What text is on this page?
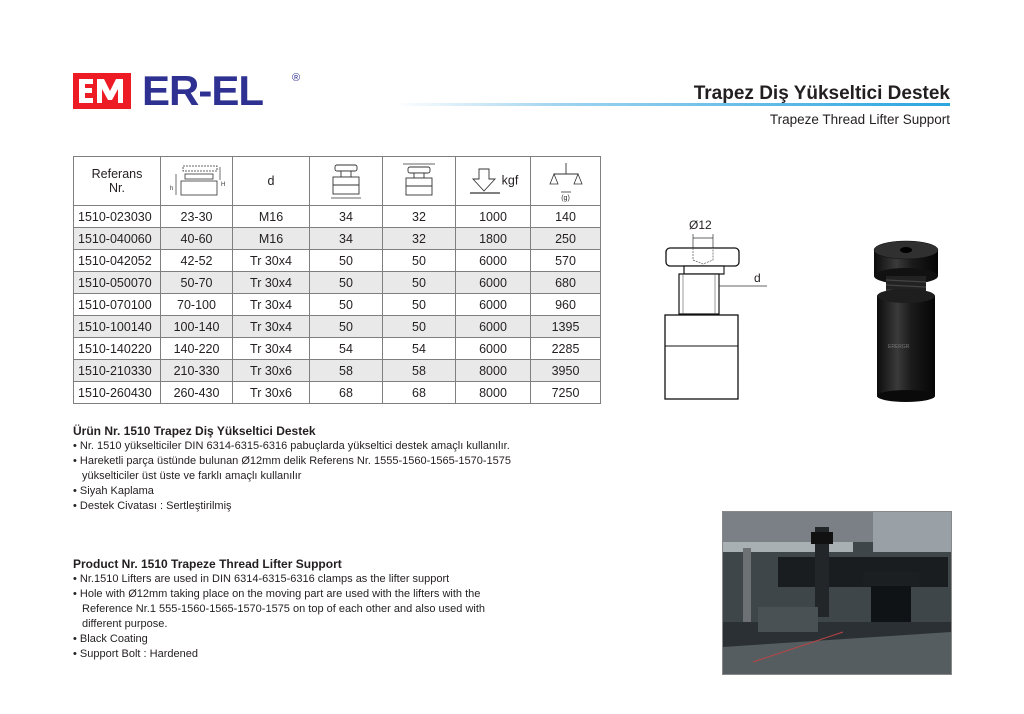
ER-EL	®
Trapez Diş Yükseltici Destek
Trapeze Thread Lifter Support
Referans
Nr.	h
H	d			kgf	(g)

1510-023030	23-30	M16	34	32	1000	140
1510-040060	40-60	M16	34	32	1800	250
1510-042052	42-52	Tr 30x4	50	50	6000	570
1510-050070	50-70	Tr 30x4	50	50	6000	680
1510-070100	70-100	Tr 30x4	50	50	6000	960
1510-100140	100-140	Tr 30x4	50	50	6000	1395
1510-140220	140-220	Tr 30x4	54	54	6000	2285
1510-210330	210-330	Tr 30x6	58	58	8000	3950
1510-260430	260-430	Tr 30x6	68	68	8000	7250
Ø12
d
ERERGR
Ürün Nr. 1510 Trapez Diş Yükseltici Destek
• Nr. 1510 yükselticiler DIN 6314-6315-6316 pabuçlarda yükseltici destek amaçlı kullanılır.
• Hareketli parça üstünde bulunan Ø12mm delik Referens Nr. 1555-1560-1565-1570-1575 yükselticiler üst üste ve farklı amaçlı kullanılır
• Siyah Kaplama
• Destek Civatası : Sertleştirilmiş
Product Nr. 1510 Trapeze Thread Lifter Support
• Nr.1510 Lifters are used in DIN 6314-6315-6316 clamps as the lifter support
• Hole with Ø12mm taking place on the moving part are used with the lifters with the Reference Nr.1 555-1560-1565-1570-1575 on top of each other and also used with different purpose.
• Black Coating
• Support Bolt : Hardened
